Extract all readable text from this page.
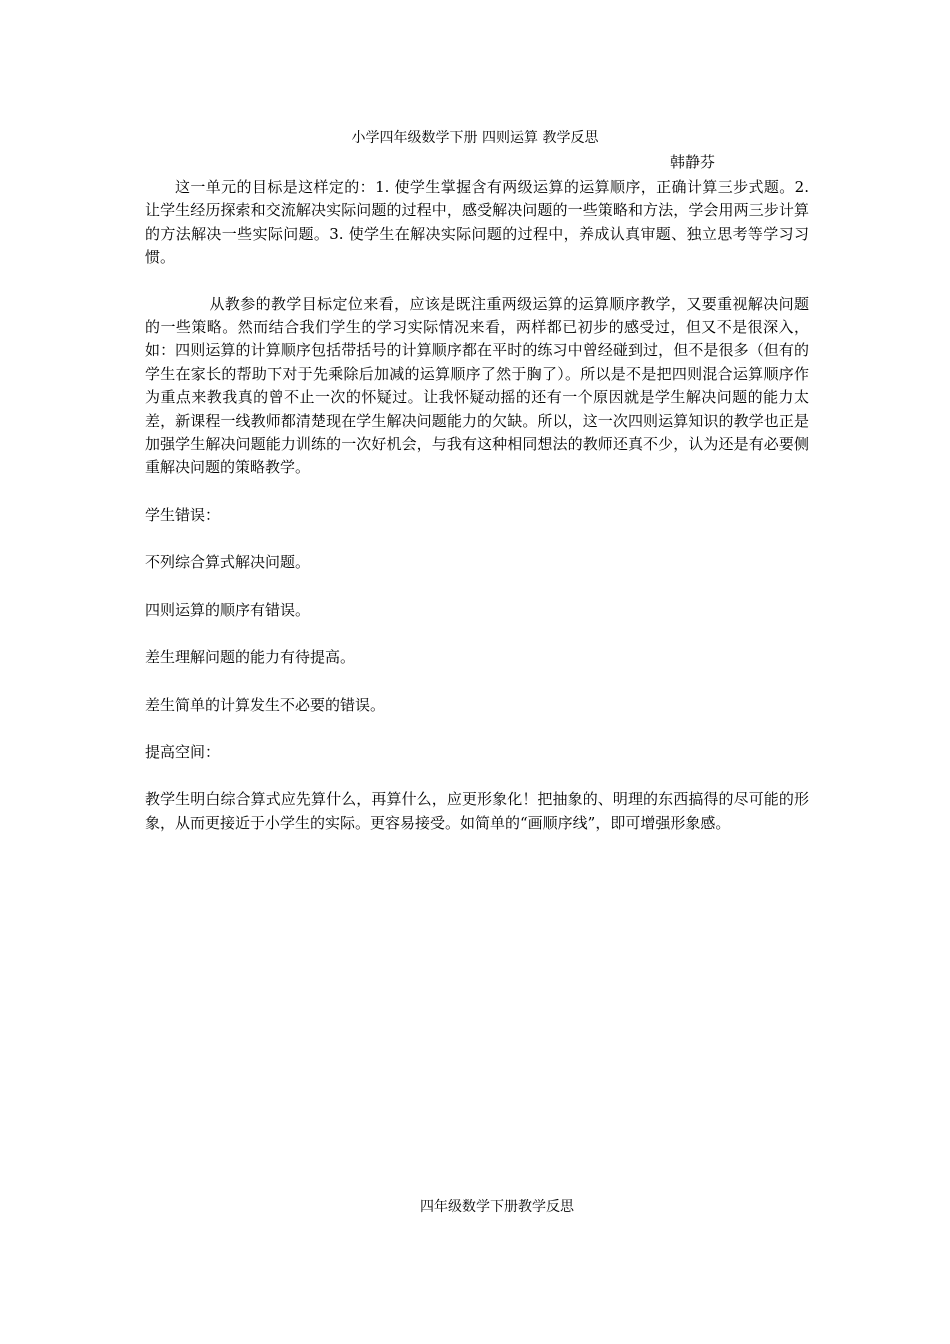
小学四年级数学下册 四则运算 教学反思
韩静芬

这一单元的目标是这样定的：1. 使学生掌握含有两级运算的运算顺序，正确计算三步式题。2. 让学生经历探索和交流解决实际问题的过程中，感受解决问题的一些策略和方法，学会用两三步计算的方法解决一些实际问题。3. 使学生在解决实际问题的过程中，养成认真审题、独立思考等学习习惯。

从教参的教学目标定位来看，应该是既注重两级运算的运算顺序教学，又要重视解决问题的一些策略。然而结合我们学生的学习实际情况来看，两样都已初步的感受过，但又不是很深入，如：四则运算的计算顺序包括带括号的计算顺序都在平时的练习中曾经碰到过，但不是很多（但有的学生在家长的帮助下对于先乘除后加减的运算顺序了然于胸了）。所以是不是把四则混合运算顺序作为重点来教我真的曾不止一次的怀疑过。让我怀疑动摇的还有一个原因就是学生解决问题的能力太差，新课程一线教师都清楚现在学生解决问题能力的欠缺。所以，这一次四则运算知识的教学也正是加强学生解决问题能力训练的一次好机会，与我有这种相同想法的教师还真不少，认为还是有必要侧重解决问题的策略教学。

学生错误：

不列综合算式解决问题。

四则运算的顺序有错误。

差生理解问题的能力有待提高。

差生简单的计算发生不必要的错误。

提高空间：

教学生明白综合算式应先算什么，再算什么，应更形象化！把抽象的、明理的东西搞得的尽可能的形象，从而更接近于小学生的实际。更容易接受。如简单的“画顺序线”，即可增强形象感。

四年级数学下册教学反思
